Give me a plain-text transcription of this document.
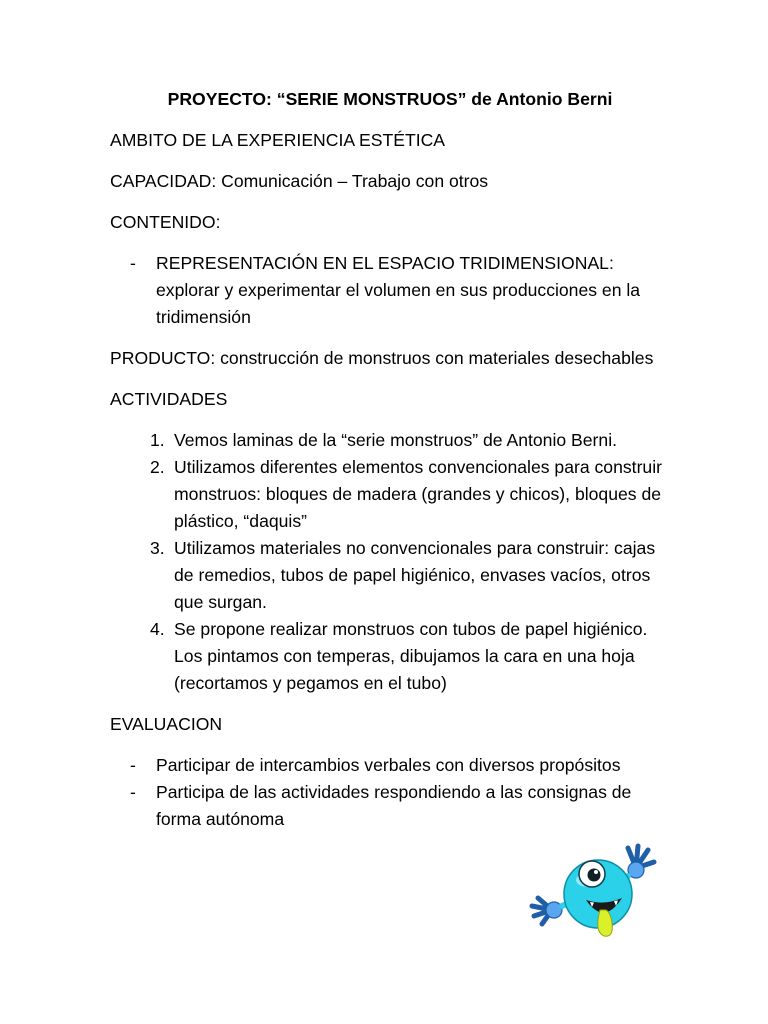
PROYECTO: “SERIE MONSTRUOS” de Antonio Berni

AMBITO DE LA EXPERIENCIA ESTÉTICA

CAPACIDAD: Comunicación – Trabajo con otros

CONTENIDO:

- REPRESENTACIÓN EN EL ESPACIO TRIDIMENSIONAL: explorar y experimentar el volumen en sus producciones en la tridimensión

PRODUCTO: construcción de monstruos con materiales desechables

ACTIVIDADES

1. Vemos laminas de la “serie monstruos” de Antonio Berni.
2. Utilizamos diferentes elementos convencionales para construir monstruos: bloques de madera (grandes y chicos), bloques de plástico, “daquis”
3. Utilizamos materiales no convencionales para construir: cajas de remedios, tubos de papel higiénico, envases vacíos, otros que surgan.
4. Se propone realizar monstruos con tubos de papel higiénico. Los pintamos con temperas, dibujamos la cara en una hoja (recortamos y pegamos en el tubo)

EVALUACION

- Participar de intercambios verbales con diversos propósitos
- Participa de las actividades respondiendo a las consignas de forma autónoma
